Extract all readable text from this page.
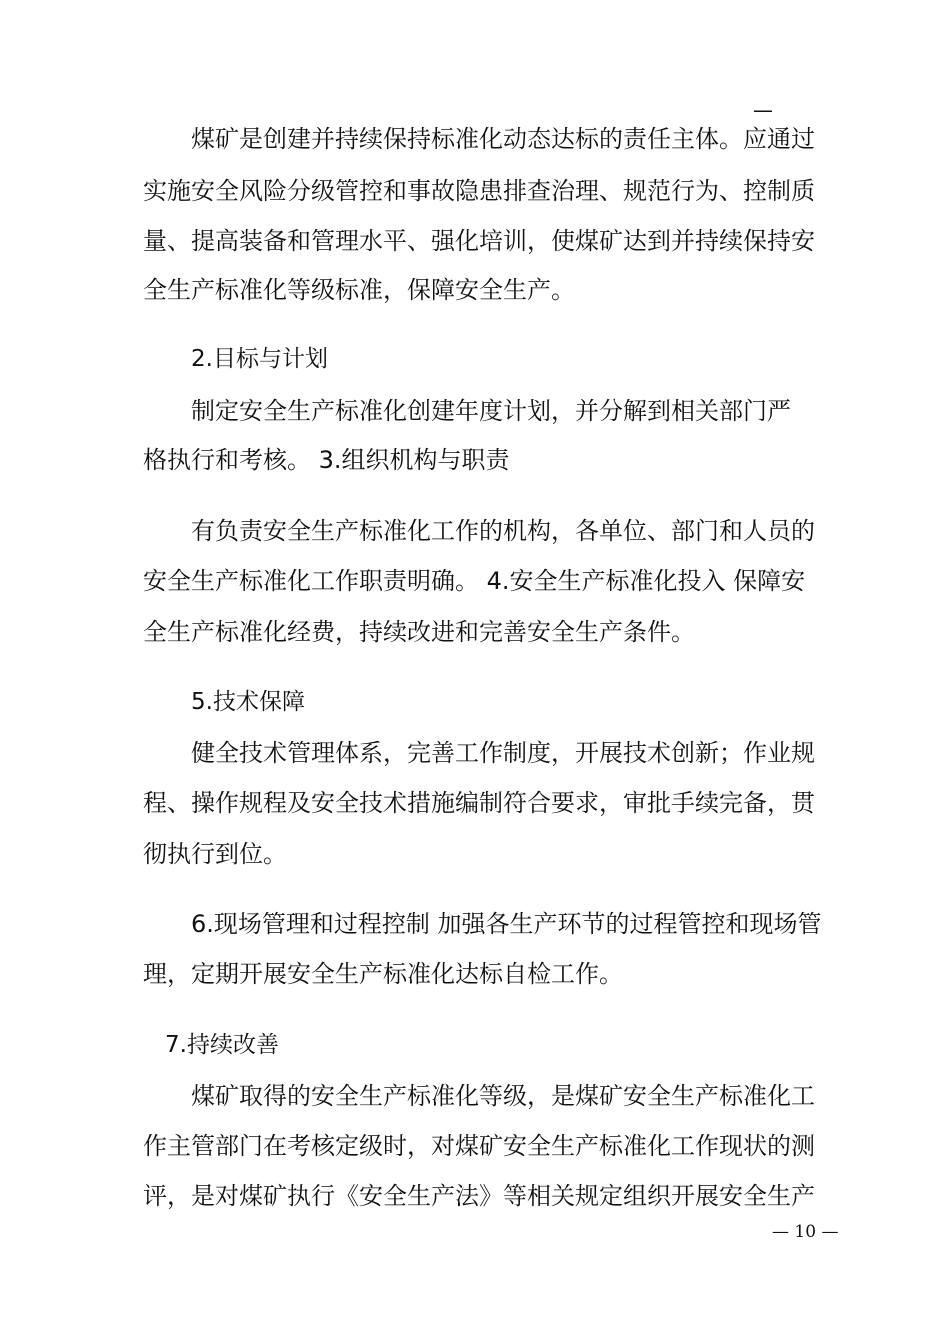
—
煤矿是创建并持续保持标准化动态达标的责任主体。应通过
实施安全风险分级管控和事故隐患排查治理、规范行为、控制质
量、提高装备和管理水平、强化培训，使煤矿达到并持续保持安
全生产标准化等级标准，保障安全生产。
2.目标与计划
制定安全生产标准化创建年度计划，并分解到相关部门严
格执行和考核。 3.组织机构与职责
有负责安全生产标准化工作的机构，各单位、部门和人员的
安全生产标准化工作职责明确。 4.安全生产标准化投入 保障安
全生产标准化经费，持续改进和完善安全生产条件。
5.技术保障
健全技术管理体系，完善工作制度，开展技术创新；作业规
程、操作规程及安全技术措施编制符合要求，审批手续完备，贯
彻执行到位。
6.现场管理和过程控制 加强各生产环节的过程管控和现场管
理，定期开展安全生产标准化达标自检工作。
7.持续改善
煤矿取得的安全生产标准化等级，是煤矿安全生产标准化工
作主管部门在考核定级时，对煤矿安全生产标准化工作现状的测
评，是对煤矿执行《安全生产法》等相关规定组织开展安全生产
— 10 —
